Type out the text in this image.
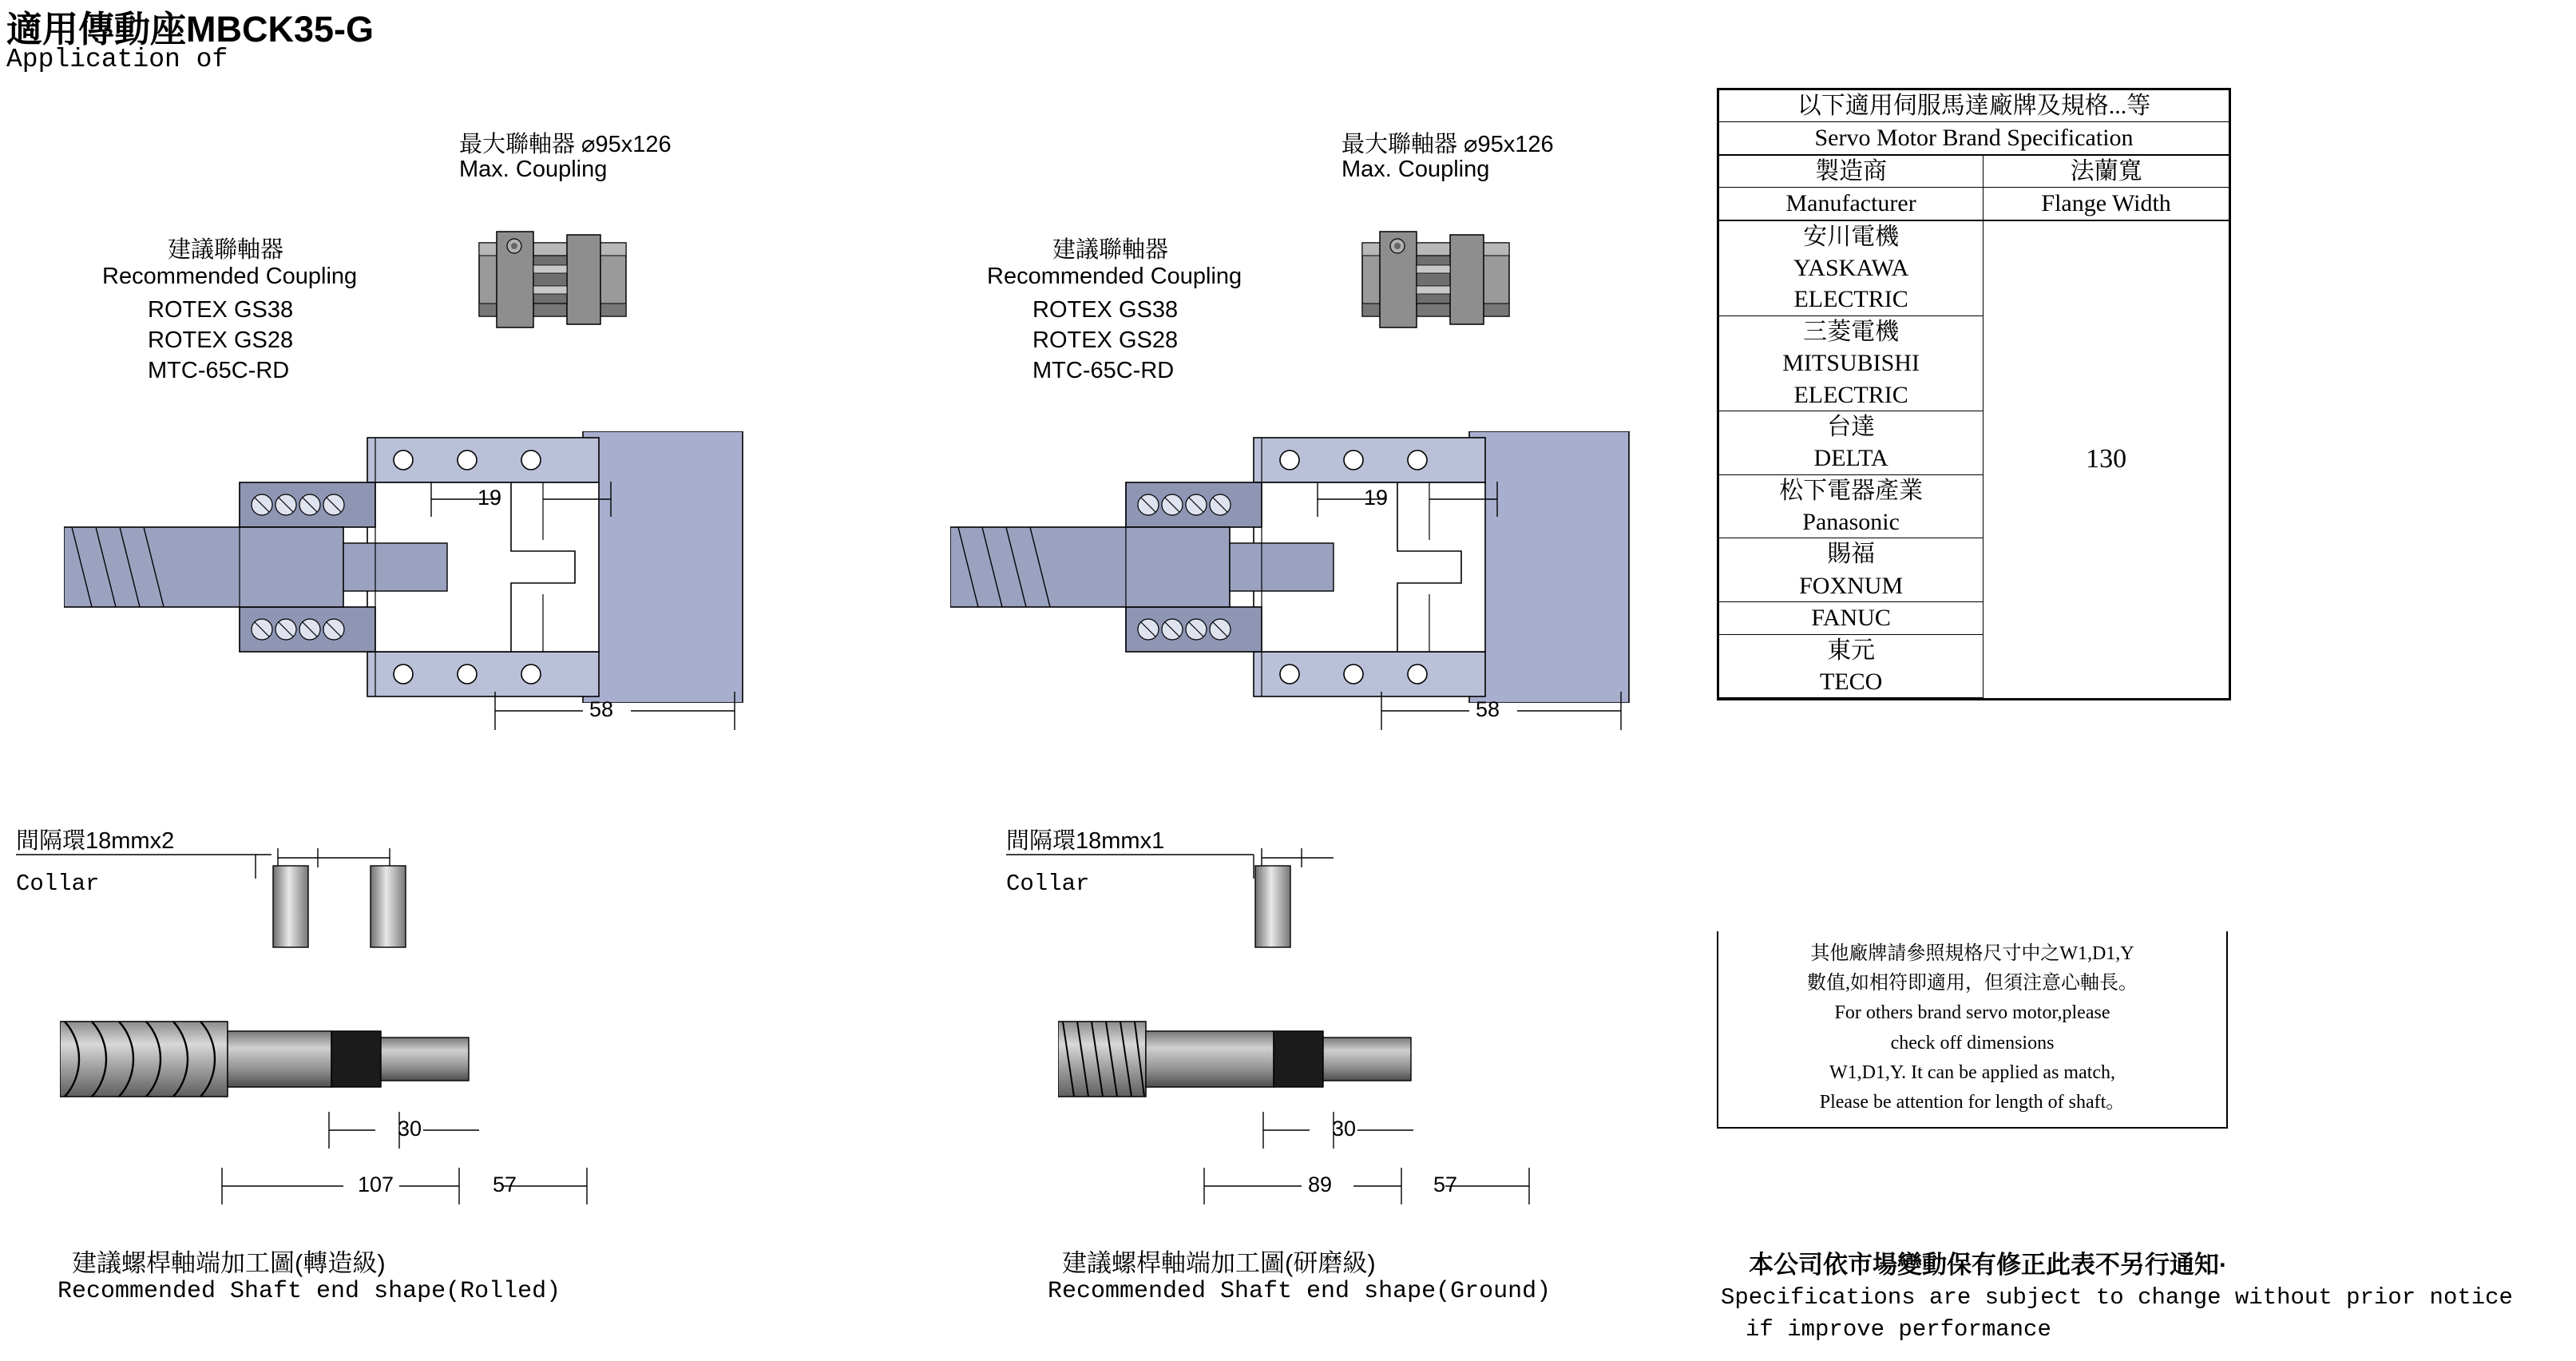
適用傳動座MBCK35-G
Application of
最大聯軸器 ⌀95x126
Max. Coupling
建議聯軸器
Recommended Coupling
ROTEX GS38
ROTEX GS28
MTC-65C-RD
19
58
間隔環18mmx2
Collar
30
107	57
建議螺桿軸端加工圖(轉造級)
Recommended Shaft end shape(Rolled)
最大聯軸器 ⌀95x126
Max. Coupling
建議聯軸器
Recommended Coupling
ROTEX GS38
ROTEX GS28
MTC-65C-RD
19
58
間隔環18mmx1
Collar
30
89	57
建議螺桿軸端加工圖(研磨級)
Recommended Shaft end shape(Ground)
以下適用伺服馬達廠牌及規格...等	
Servo Motor Brand Specification	
製造商	法蘭寬
Manufacturer	Flange Width
安川電機	130
YASKAWA	
ELECTRIC	
三菱電機	
MITSUBISHI	
ELECTRIC	
台達	
DELTA	
松下電器產業	
Panasonic	
賜福	
FOXNUM	
FANUC	
東元	
TECO	
其他廠牌請參照規格尺寸中之W1,D1,Y
數值,如相符即適用，但須注意心軸長。
For others brand servo motor,please
check off dimensions
W1,D1,Y. It can be applied as match,
Please be attention for length of shaft。
本公司依市場變動保有修正此表不另行通知·
Specifications are subject to change without prior notice
if improve performance
